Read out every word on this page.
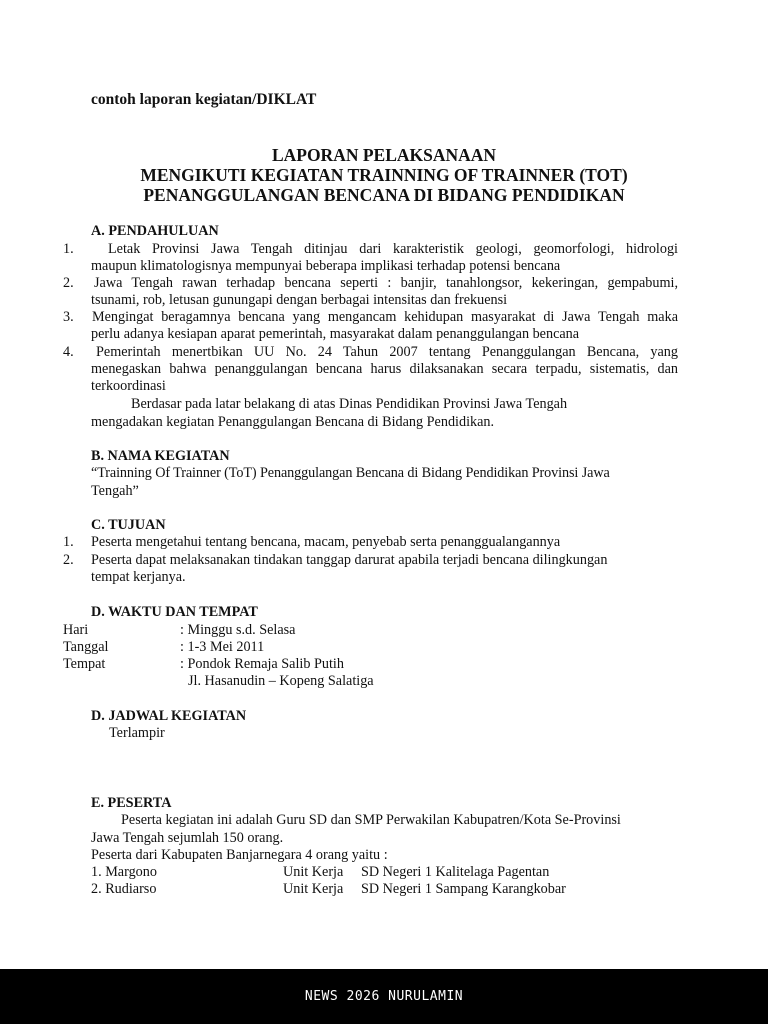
contoh laporan kegiatan/DIKLAT
LAPORAN PELAKSANAAN
MENGIKUTI KEGIATAN TRAINNING OF TRAINNER (TOT)
PENANGGULANGAN BENCANA DI BIDANG PENDIDIKAN
A. PENDAHULUAN
1. Letak Provinsi Jawa Tengah ditinjau dari karakteristik geologi, geomorfologi, hidrologi
maupun klimatologisnya mempunyai beberapa implikasi terhadap potensi bencana
2. Jawa Tengah rawan terhadap bencana seperti : banjir, tanahlongsor, kekeringan, gempabumi,
tsunami, rob, letusan gunungapi dengan berbagai intensitas dan frekuensi
3. Mengingat beragamnya bencana yang mengancam kehidupan masyarakat di Jawa Tengah maka
perlu adanya kesiapan aparat pemerintah, masyarakat dalam penanggulangan bencana
4. Pemerintah menertbikan UU No. 24 Tahun 2007 tentang Penanggulangan Bencana, yang
menegaskan bahwa penanggulangan bencana harus dilaksanakan secara terpadu, sistematis, dan
terkoordinasi
Berdasar pada latar belakang di atas Dinas Pendidikan Provinsi Jawa Tengah
mengadakan kegiatan Penanggulangan Bencana di Bidang Pendidikan.
B. NAMA KEGIATAN
“Trainning Of Trainner (ToT) Penanggulangan Bencana di Bidang Pendidikan Provinsi Jawa
Tengah”
C. TUJUAN
1. Peserta mengetahui tentang bencana, macam, penyebab serta penanggualangannya
2. Peserta dapat melaksanakan tindakan tanggap darurat apabila terjadi bencana dilingkungan
tempat kerjanya.
D. WAKTU DAN TEMPAT
Hari	: Minggu s.d. Selasa
Tanggal	: 1-3 Mei 2011
Tempat	: Pondok Remaja Salib Putih
Jl. Hasanudin – Kopeng Salatiga
D. JADWAL KEGIATAN
Terlampir
E. PESERTA
Peserta kegiatan ini adalah Guru SD dan SMP Perwakilan Kabupatren/Kota Se-Provinsi
Jawa Tengah sejumlah 150 orang.
Peserta dari Kabupaten Banjarnegara 4 orang yaitu :
1. Margono	Unit Kerja SD Negeri 1 Kalitelaga Pagentan
2. Rudiarso	Unit Kerja SD Negeri 1 Sampang Karangkobar
NEWS 2026 NURULAMIN
